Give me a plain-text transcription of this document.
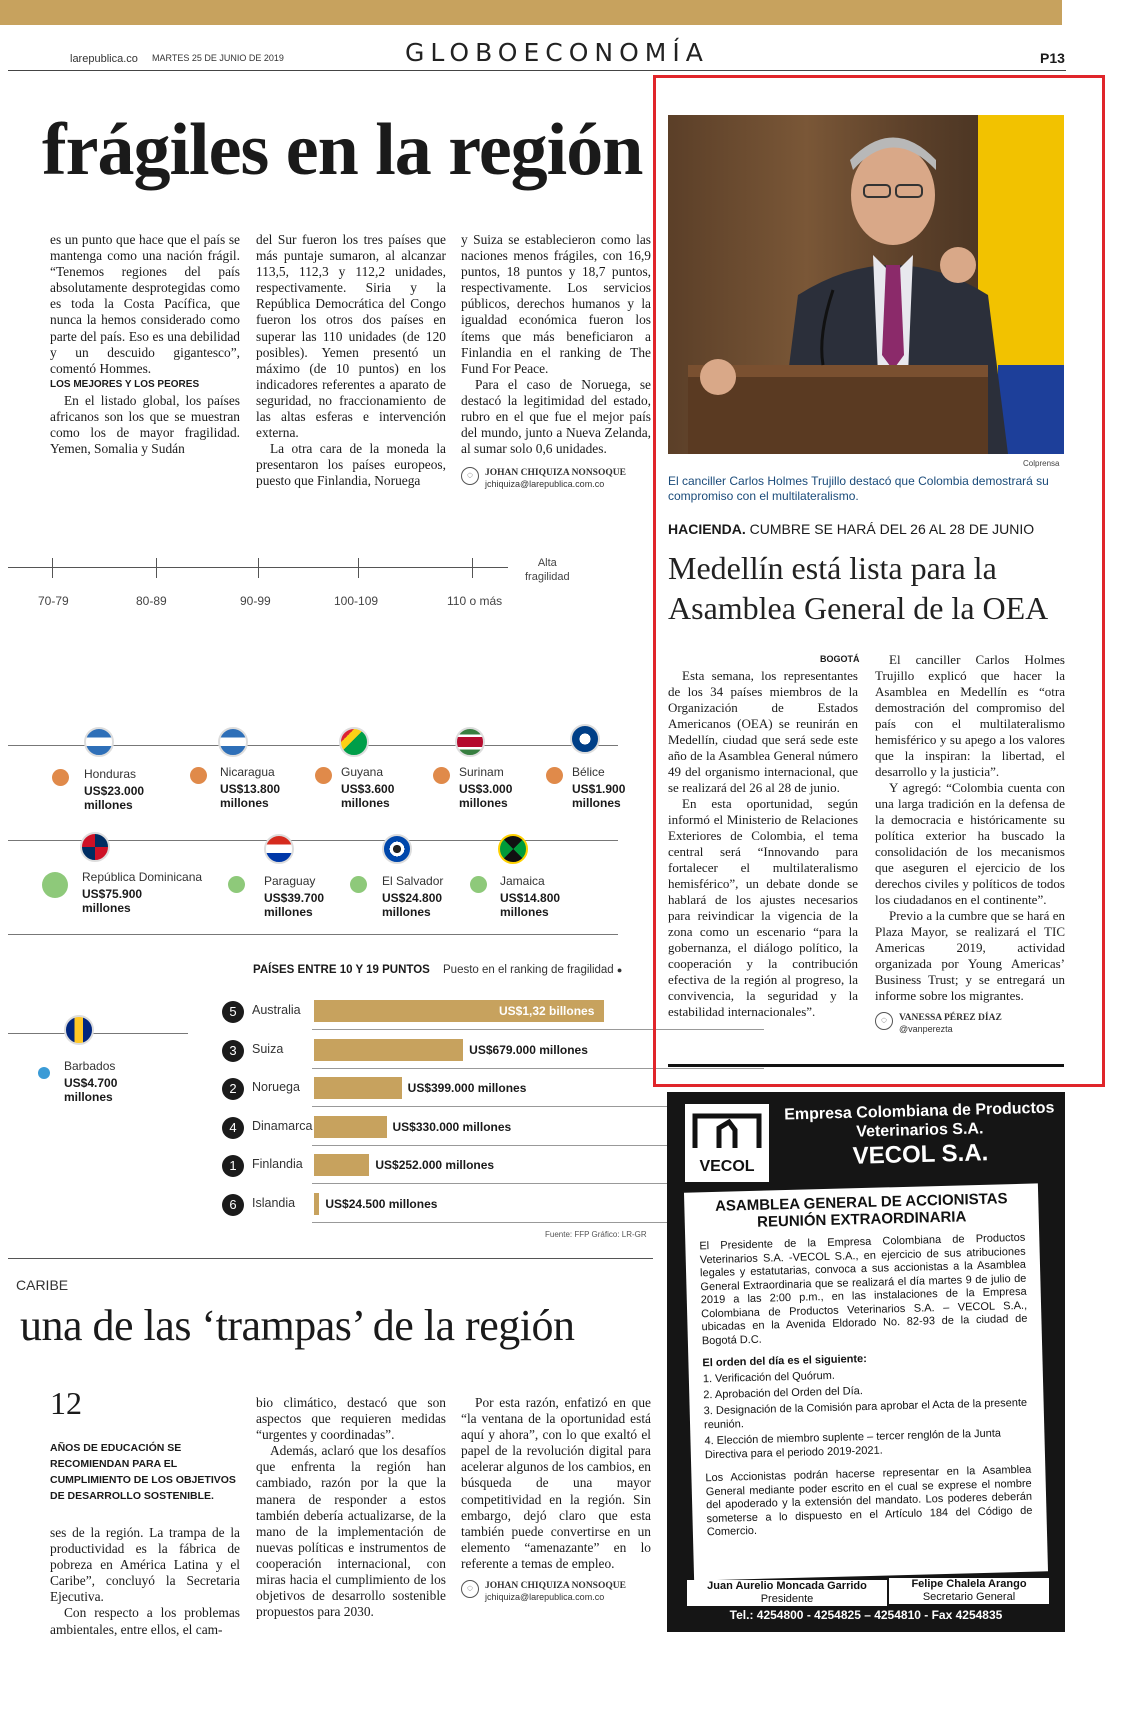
larepublica.co MARTES 25 DE JUNIO DE 2019	GLOBOECONOMÍA	P13
frágiles en la región

es un punto que hace que el país se mantenga como una nación frágil. “Tenemos regiones del país absolutamente desprotegidas como es toda la Costa Pacífica, que nunca la hemos considerado como parte del país. Eso es una debilidad y un descuido gigantesco”, comentó Hommes.

LOS MEJORES Y LOS PEORES

En el listado global, los países africanos son los que se muestran como los de mayor fragilidad. Yemen, Somalia y Sudán

del Sur fueron los tres países que más puntaje sumaron, al alcanzar 113,5, 112,3 y 112,2 unidades, respectivamente. Siria y la República Democrática del Congo fueron los otros dos países en superar las 110 unidades (de 120 posibles). Yemen presentó un máximo (de 10 puntos) en los indicadores referentes a aparato de seguridad, no fraccionamiento de las altas esferas e intervención externa.

La otra cara de la moneda la presentaron los países europeos, puesto que Finlandia, Noruega

y Suiza se establecieron como las naciones menos frágiles, con 16,9 puntos, 18 puntos y 18,7 puntos, respectivamente. Los servicios públicos, derechos humanos y la igualdad económica fueron los ítems que más beneficiaron a Finlandia en el ranking de The Fund For Peace.

Para el caso de Noruega, se destacó la legitimidad del estado, rubro en el que fue el mejor país del mundo, junto a Nueva Zelanda, al sumar solo 0,6 unidades.

◌ JOHAN CHIQUIZA NONSOQUE
jchiquiza@larepublica.com.co
70-79	80-89	90-99	100-109	110 o más
Alta
fragilidad
Honduras
US$23.000
millones
Nicaragua
US$13.800
millones
Guyana
US$3.600
millones
Surinam
US$3.000
millones
Bélice
US$1.900
millones
República Dominicana
US$75.900
millones
Paraguay
US$39.700
millones
El Salvador
US$24.800
millones
Jamaica
US$14.800
millones
Barbados
US$4.700
millones
PAÍSES ENTRE 10 Y 19 PUNTOS Puesto en el ranking de fragilidad ●
5	Australia	US$1,32 billones
3	Suiza	US$679.000 millones
2	Noruega	US$399.000 millones
4	Dinamarca	US$330.000 millones
1	Finlandia	US$252.000 millones
6	Islandia	US$24.500 millones
Fuente: FFP Gráfico: LR-GR
CARIBE
una de las ‘trampas’ de la región
12
AÑOS DE EDUCACIÓN SE RECOMIENDAN PARA EL CUMPLIMIENTO DE LOS OBJETIVOS DE DESARROLLO SOSTENIBLE.

ses de la región. La trampa de la productividad es la fábrica de pobreza en América Latina y el Caribe”, concluyó la Secretaria Ejecutiva.

Con respecto a los problemas ambientales, entre ellos, el cam-

bio climático, destacó que son aspectos que requieren medidas “urgentes y coordinadas”.

Además, aclaró que los desafíos que enfrenta la región han cambiado, razón por la que la manera de responder a estos también debería actualizarse, de la mano de la implementación de nuevas políticas e instrumentos de cooperación internacional, con miras hacia el cumplimiento de los objetivos de desarrollo sostenible propuestos para 2030.

Por esta razón, enfatizó en que “la ventana de la oportunidad está aquí y ahora”, con lo que exaltó el papel de la revolución digital para acelerar algunos de los cambios, en búsqueda de una mayor competitividad en la región. Sin embargo, dejó claro que esta también puede convertirse en un elemento “amenazante” en lo referente a temas de empleo.

◌ JOHAN CHIQUIZA NONSOQUE
jchiquiza@larepublica.com.co
Colprensa
El canciller Carlos Holmes Trujillo destacó que Colombia demostrará su compromiso con el multilateralismo.
HACIENDA. CUMBRE SE HARÁ DEL 26 AL 28 DE JUNIO
Medellín está lista para la Asamblea General de la OEA
BOGOTÁ

Esta semana, los representantes de los 34 países miembros de la Organización de Estados Americanos (OEA) se reunirán en Medellín, ciudad que será sede este año de la Asamblea General número 49 del organismo internacional, que se realizará del 26 al 28 de junio.

En esta oportunidad, según informó el Ministerio de Relaciones Exteriores de Colombia, el tema central será “Innovando para fortalecer el multilateralismo hemisférico”, un debate donde se hablará de los ajustes necesarios para reivindicar la vigencia de la zona como un escenario “para la gobernanza, el diálogo político, la cooperación y la contribución efectiva de la región al progreso, la convivencia, la seguridad y la estabilidad internacionales”.

El canciller Carlos Holmes Trujillo explicó que hacer la Asamblea en Medellín es “otra demostración del compromiso del país con el multilateralismo hemisférico y su apego a los valores que la inspiran: la libertad, el desarrollo y la justicia”.

Y agregó: “Colombia cuenta con una larga tradición en la defensa de la democracia e históricamente su política exterior ha buscado la consolidación de los mecanismos que aseguren el ejercicio de los derechos civiles y políticos de todos los ciudadanos en el continente”.

Previo a la cumbre que se hará en Plaza Mayor, se realizará el TIC Americas 2019, actividad organizada por Young Americas’ Business Trust; y se entregará un informe sobre los migrantes.

◌ VANESSA PÉREZ DÍAZ
@vanperezta
VECOL
Empresa Colombiana de Productos
Veterinarios S.A.
VECOL S.A.
ASAMBLEA GENERAL DE ACCIONISTAS
REUNIÓN EXTRAORDINARIA
El Presidente de la Empresa Colombiana de Productos Veterinarios S.A. -VECOL S.A., en ejercicio de sus atribuciones legales y estatutarias, convoca a sus accionistas a la Asamblea General Extraordinaria que se realizará el día martes 9 de julio de 2019 a las 2:00 p.m., en las instalaciones de la Empresa Colombiana de Productos Veterinarios S.A. – VECOL S.A., ubicadas en la Avenida Eldorado No. 82-93 de la ciudad de Bogotá D.C.
El orden del día es el siguiente:
1. Verificación del Quórum.
2. Aprobación del Orden del Día.
3. Designación de la Comisión para aprobar el Acta de la presente reunión.
4. Elección de miembro suplente – tercer renglón de la Junta Directiva para el periodo 2019-2021.
Los Accionistas podrán hacerse representar en la Asamblea General mediante poder escrito en el cual se exprese el nombre del apoderado y la extensión del mandato. Los poderes deberán someterse a lo dispuesto en el Artículo 184 del Código de Comercio.
Juan Aurelio Moncada Garrido
Presidente
Felipe Chalela Arango
Secretario General
Tel.: 4254800 - 4254825 – 4254810 - Fax 4254835
